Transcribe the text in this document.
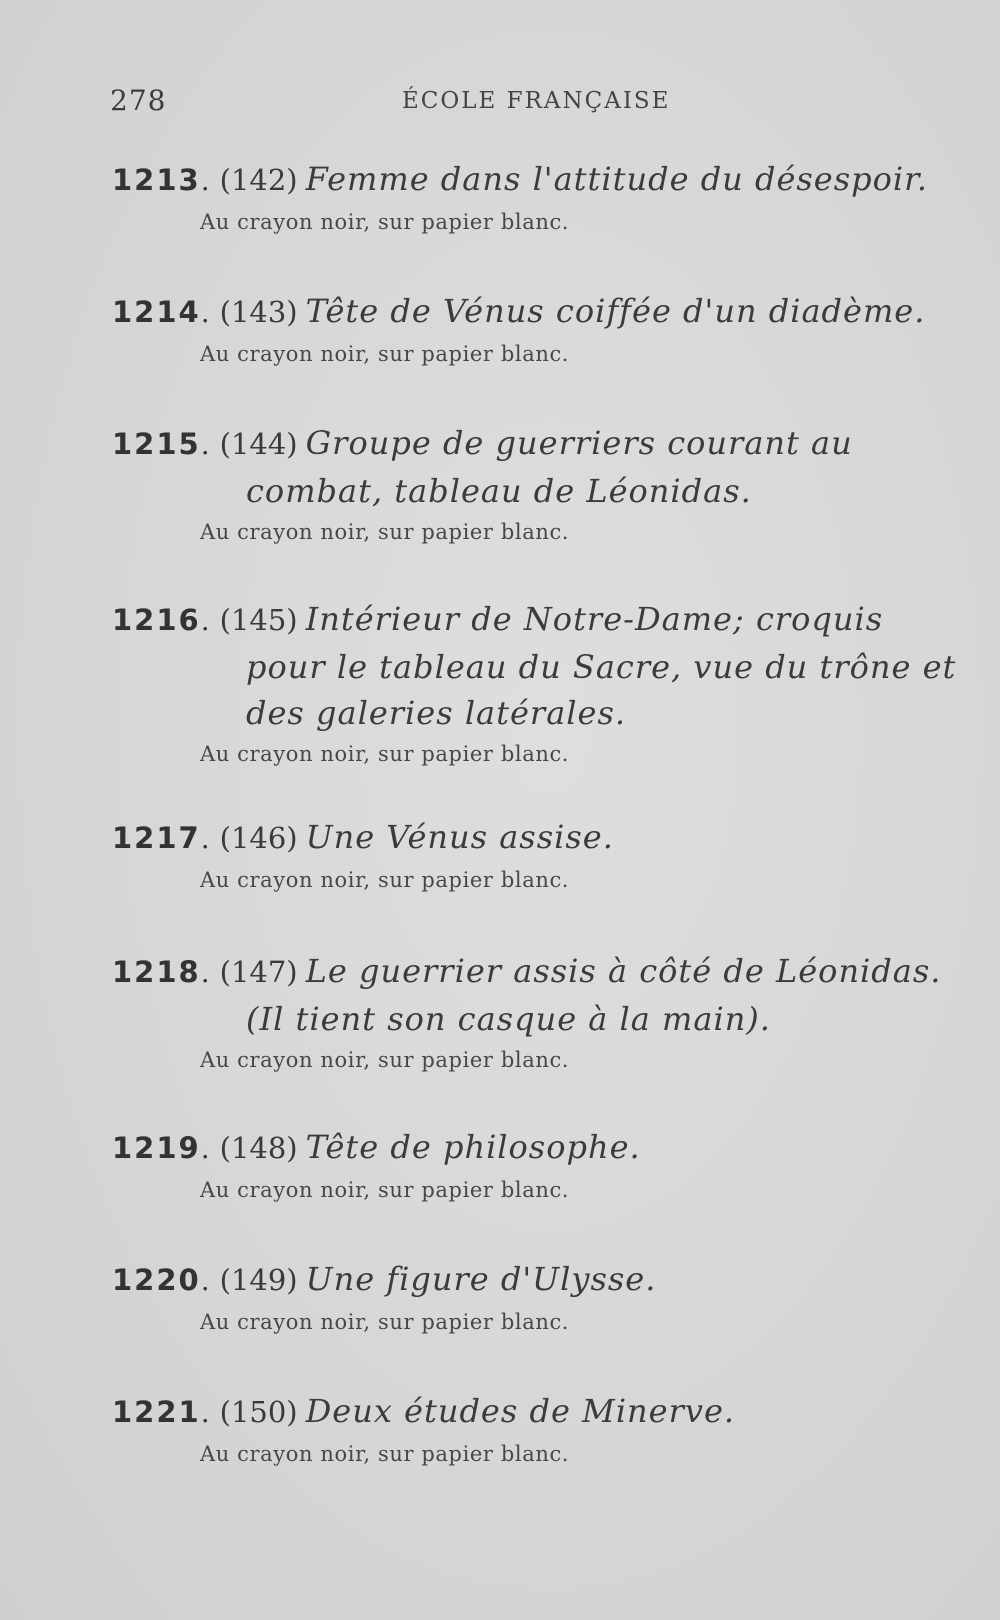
278	ÉCOLE FRANÇAISE
1213. (142) Femme dans l'attitude du désespoir.
Au crayon noir, sur papier blanc.
1214. (143) Tête de Vénus coiffée d'un diadème.
Au crayon noir, sur papier blanc.
1215. (144) Groupe de guerriers courant au
combat, tableau de Léonidas.
Au crayon noir, sur papier blanc.
1216. (145) Intérieur de Notre-Dame; croquis
pour le tableau du Sacre, vue du trône et
des galeries latérales.
Au crayon noir, sur papier blanc.
1217. (146) Une Vénus assise.
Au crayon noir, sur papier blanc.
1218. (147) Le guerrier assis à côté de Léonidas.
(Il tient son casque à la main).
Au crayon noir, sur papier blanc.
1219. (148) Tête de philosophe.
Au crayon noir, sur papier blanc.
1220. (149) Une figure d'Ulysse.
Au crayon noir, sur papier blanc.
1221. (150) Deux études de Minerve.
Au crayon noir, sur papier blanc.
